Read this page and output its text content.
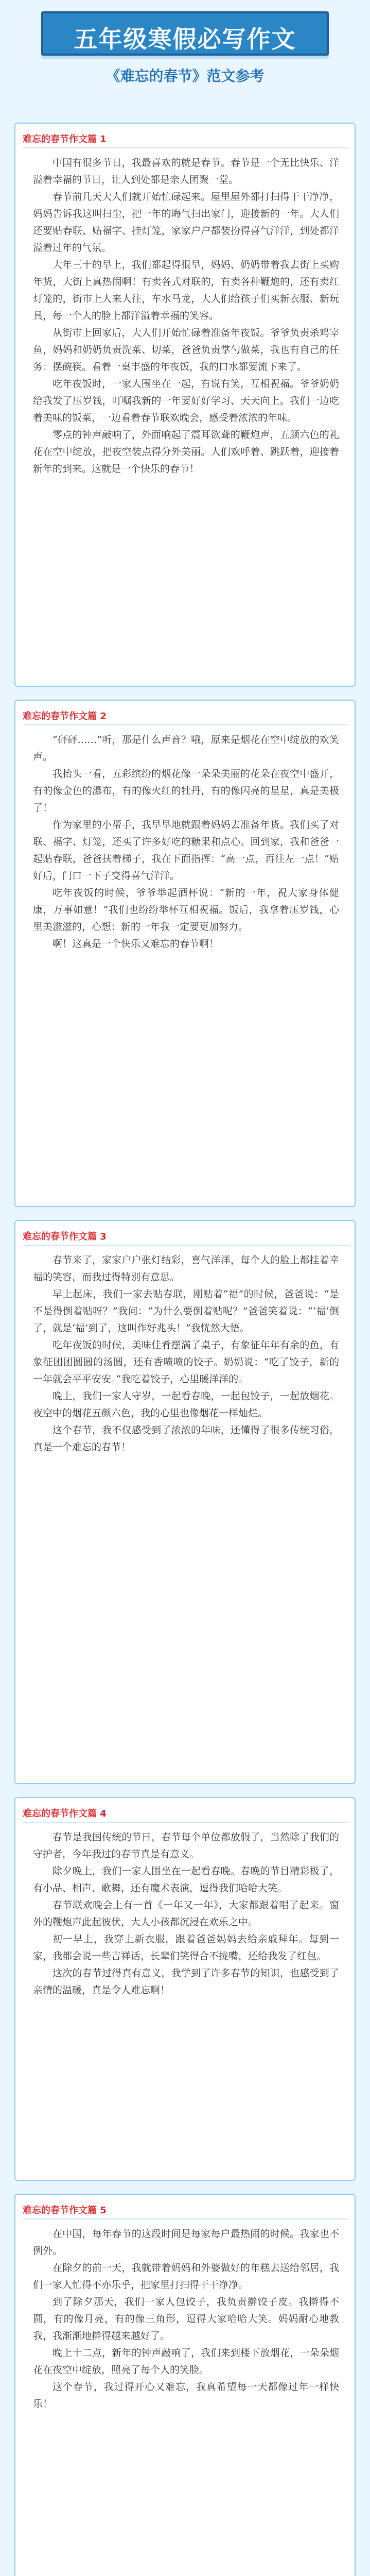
五年级寒假必写作文
《难忘的春节》范文参考
难忘的春节作文篇 1

中国有很多节日，我最喜欢的就是春节。春节是一个无比快乐、洋溢着幸福的节日，让人到处都是亲人团聚一堂。

春节前几天大人们就开始忙碌起来。屋里屋外都打扫得干干净净，妈妈告诉我这叫扫尘，把一年的晦气扫出家门，迎接新的一年。大人们还要贴春联、贴福字、挂灯笼，家家户户都装扮得喜气洋洋，到处都洋溢着过年的气氛。

大年三十的早上，我们都起得很早，妈妈、奶奶带着我去街上买购年货，大街上真热闹啊！有卖各式对联的，有卖各种鞭炮的，还有卖红灯笼的，街市上人来人往，车水马龙，大人们给孩子们买新衣服、新玩具，每一个人的脸上都洋溢着幸福的笑容。

从街市上回家后，大人们开始忙碌着准备年夜饭。爷爷负责杀鸡宰鱼，妈妈和奶奶负责洗菜、切菜，爸爸负责掌勺做菜，我也有自己的任务：摆碗筷。看着一桌丰盛的年夜饭，我的口水都要流下来了。

吃年夜饭时，一家人围坐在一起，有说有笑，互相祝福。爷爷奶奶给我发了压岁钱，叮嘱我新的一年要好好学习、天天向上。我们一边吃着美味的饭菜，一边看着春节联欢晚会，感受着浓浓的年味。

零点的钟声敲响了，外面响起了震耳欲聋的鞭炮声，五颜六色的礼花在空中绽放，把夜空装点得分外美丽。人们欢呼着、跳跃着，迎接着新年的到来。这就是一个快乐的春节！

难忘的春节作文篇 2

“砰砰……”听，那是什么声音？哦，原来是烟花在空中绽放的欢笑声。

我抬头一看，五彩缤纷的烟花像一朵朵美丽的花朵在夜空中盛开，有的像金色的瀑布，有的像火红的牡丹，有的像闪亮的星星，真是美极了！

作为家里的小帮手，我早早地就跟着妈妈去准备年货。我们买了对联、福字、灯笼，还买了许多好吃的糖果和点心。回到家，我和爸爸一起贴春联，爸爸扶着梯子，我在下面指挥：“高一点，再往左一点！”贴好后，门口一下子变得喜气洋洋。

吃年夜饭的时候，爷爷举起酒杯说：“新的一年，祝大家身体健康，万事如意！”我们也纷纷举杯互相祝福。饭后，我拿着压岁钱，心里美滋滋的，心想：新的一年我一定要更加努力。

啊！这真是一个快乐又难忘的春节啊！

难忘的春节作文篇 3

春节来了，家家户户张灯结彩，喜气洋洋，每个人的脸上都挂着幸福的笑容，而我过得特别有意思。

早上起床，我们一家去贴春联，刚贴着“福”的时候，爸爸说：“是不是得倒着贴呀？”我问：“为什么要倒着贴呢？”爸爸笑着说：“‘福’倒了，就是‘福’到了，这叫作好兆头！”我恍然大悟。

吃年夜饭的时候，美味佳肴摆满了桌子，有象征年年有余的鱼，有象征团团圆圆的汤圆，还有香喷喷的饺子。奶奶说：“吃了饺子，新的一年就会平平安安。”我吃着饺子，心里暖洋洋的。

晚上，我们一家人守岁，一起看春晚，一起包饺子，一起放烟花。夜空中的烟花五颜六色，我的心里也像烟花一样灿烂。

这个春节，我不仅感受到了浓浓的年味，还懂得了很多传统习俗，真是一个难忘的春节！

难忘的春节作文篇 4

春节是我国传统的节日，春节每个单位都放假了，当然除了我们的守护者，今年我过的春节真是有意义。

除夕晚上，我们一家人围坐在一起看春晚。春晚的节目精彩极了，有小品、相声、歌舞，还有魔术表演，逗得我们哈哈大笑。

春节联欢晚会上有一首《一年又一年》，大家都跟着唱了起来。窗外的鞭炮声此起彼伏，大人小孩都沉浸在欢乐之中。

初一早上，我穿上新衣服，跟着爸爸妈妈去给亲戚拜年。每到一家，我都会说一些吉祥话，长辈们笑得合不拢嘴，还给我发了红包。

这次的春节过得真有意义，我学到了许多春节的知识，也感受到了亲情的温暖，真是令人难忘啊！

难忘的春节作文篇 5

在中国，每年春节的这段时间是每家每户最热闹的时候。我家也不例外。

在除夕的前一天，我就带着妈妈和外婆做好的年糕去送给邻居，我们一家人忙得不亦乐乎，把家里打扫得干干净净。

到了除夕那天，我们一家人包饺子，我负责擀饺子皮。我擀得不圆，有的像月亮，有的像三角形，逗得大家哈哈大笑。妈妈耐心地教我，我渐渐地擀得越来越好了。

晚上十二点，新年的钟声敲响了，我们来到楼下放烟花，一朵朵烟花在夜空中绽放，照亮了每个人的笑脸。

这个春节，我过得开心又难忘，我真希望每一天都像过年一样快乐！
